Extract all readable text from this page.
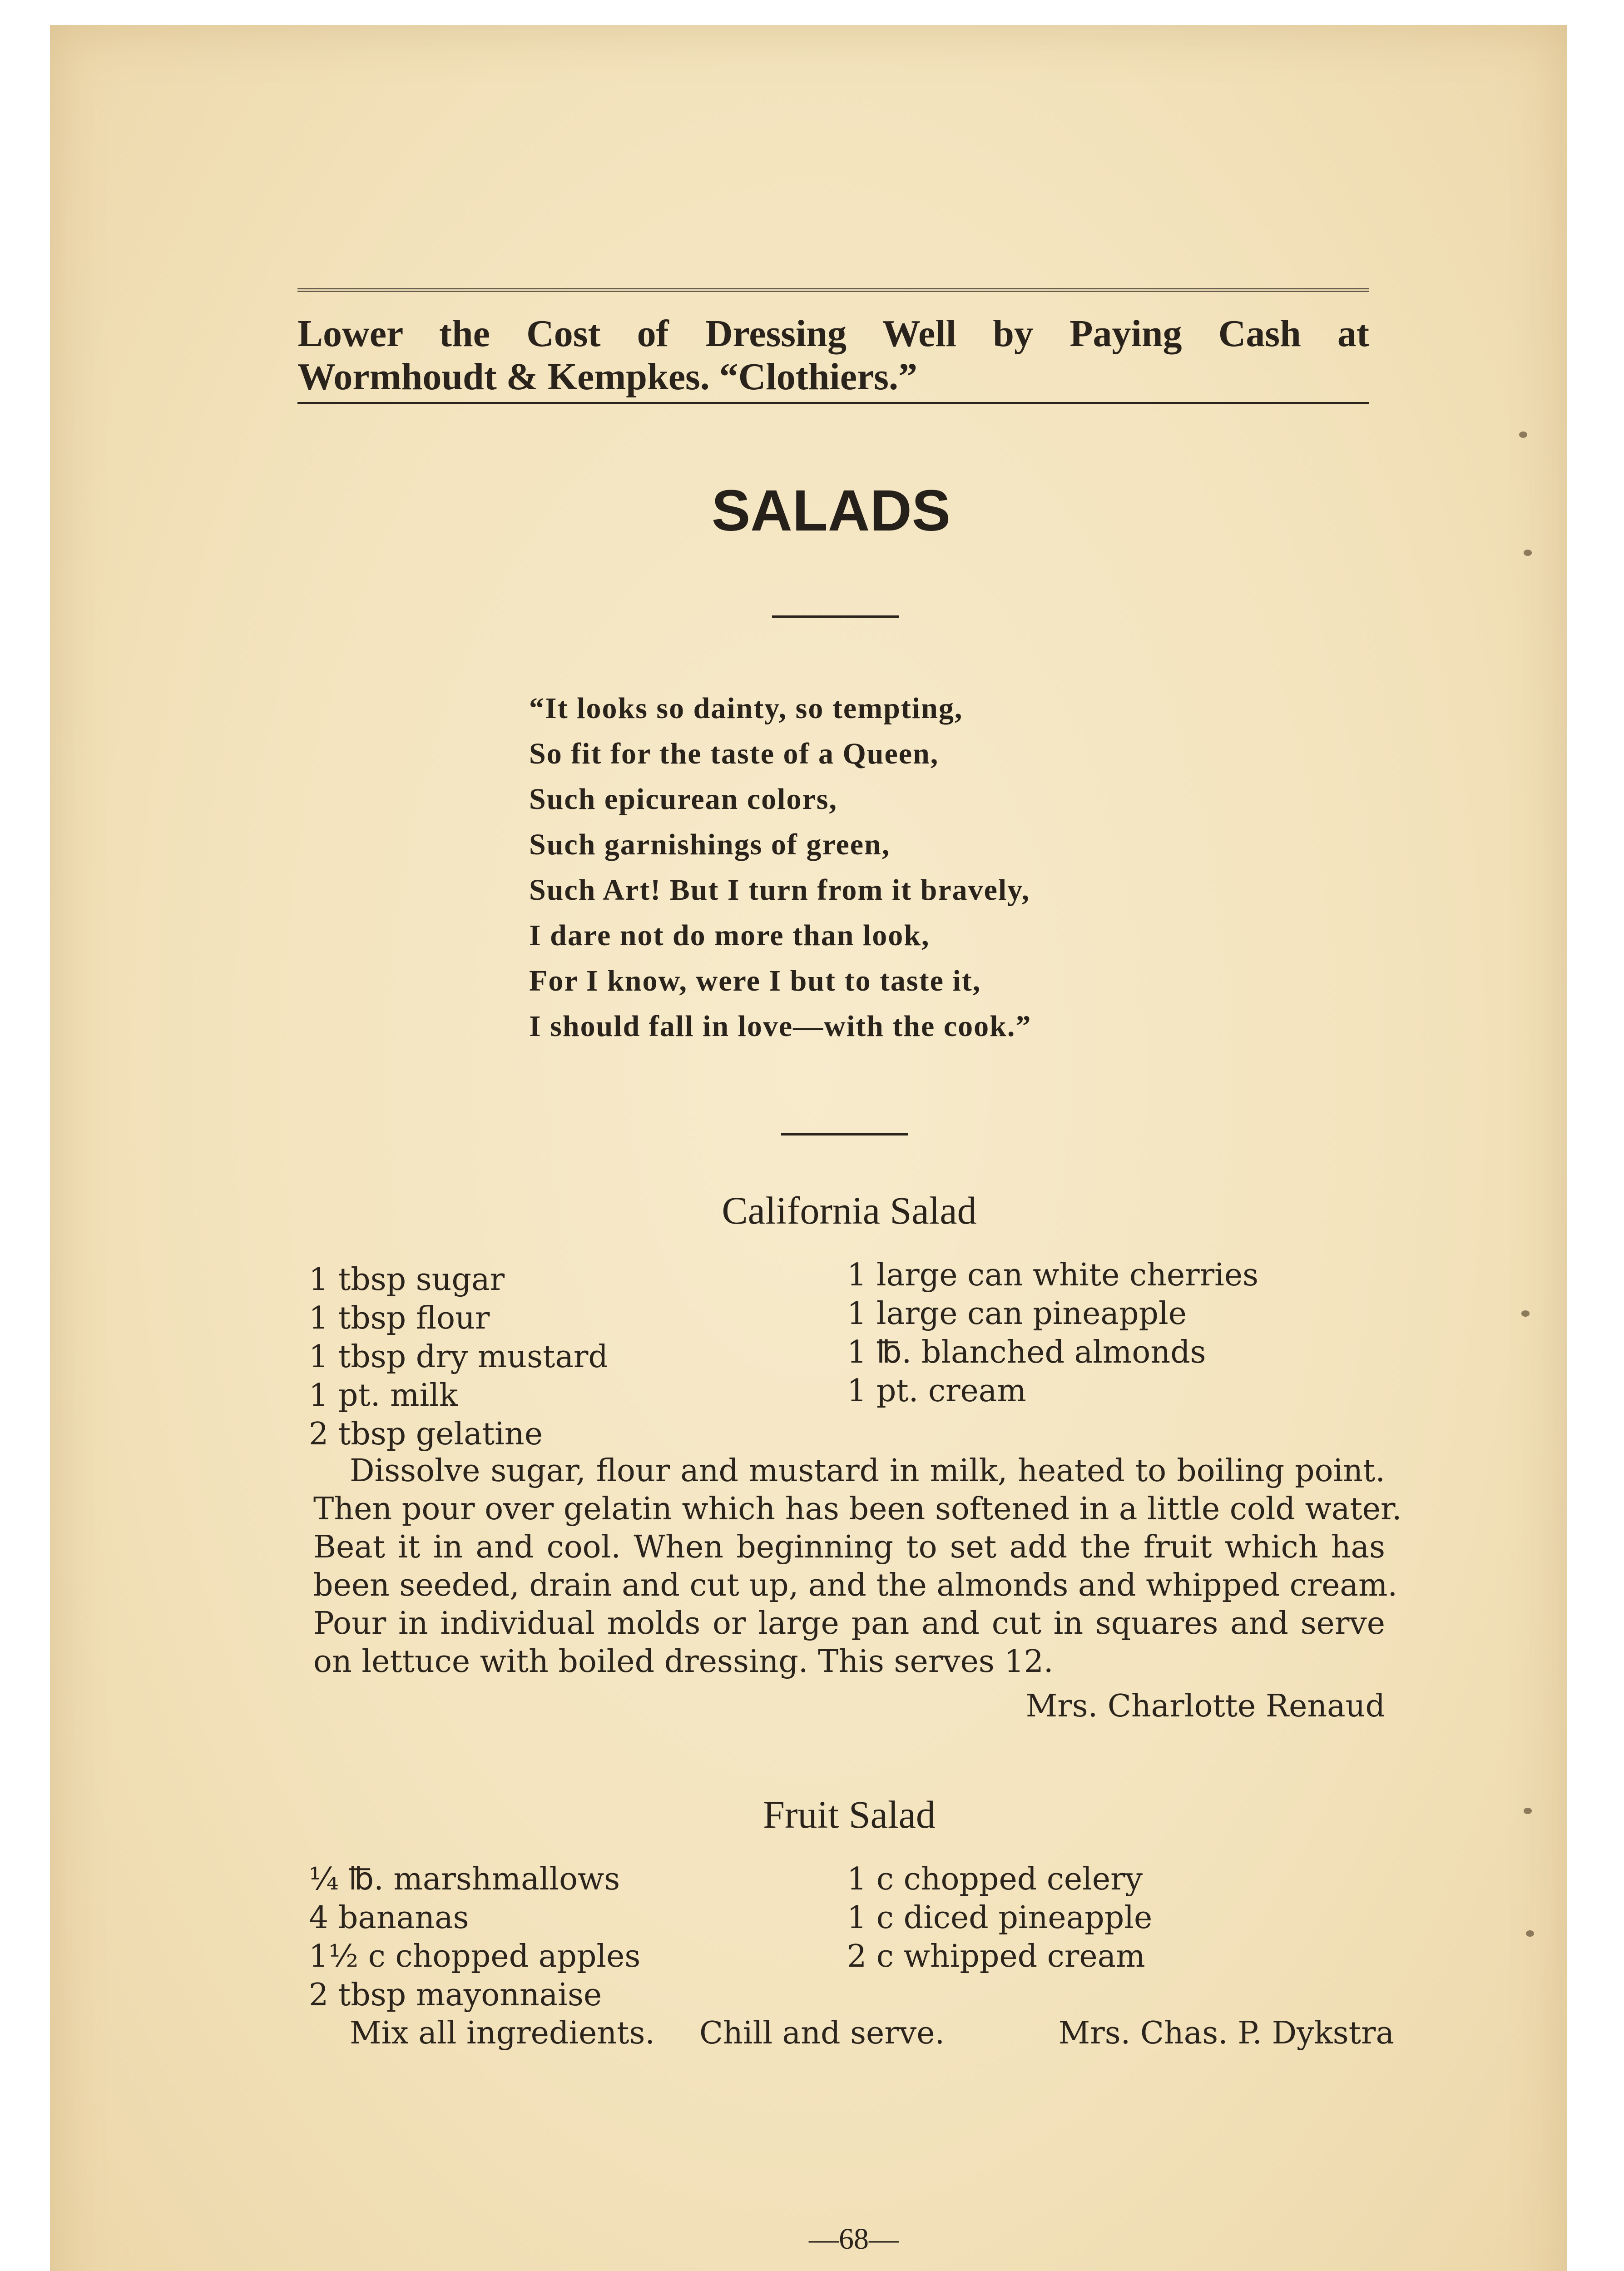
Lower the Cost of Dressing Well by Paying Cash at
Wormhoudt & Kempkes. “Clothiers.”
SALADS
“It looks so dainty, so tempting,
So fit for the taste of a Queen,
Such epicurean colors,
Such garnishings of green,
Such Art! But I turn from it bravely,
I dare not do more than look,
For I know, were I but to taste it,
I should fall in love—with the cook.”
California Salad
1 tbsp sugar
1 tbsp flour
1 tbsp dry mustard
1 pt. milk
2 tbsp gelatine
1 large can white cherries
1 large can pineapple
1 ℔. blanched almonds
1 pt. cream
Dissolve sugar, flour and mustard in milk, heated to boiling point.
Then pour over gelatin which has been softened in a little cold water.
Beat it in and cool. When beginning to set add the fruit which has
been seeded, drain and cut up, and the almonds and whipped cream.
Pour in individual molds or large pan and cut in squares and serve
on lettuce with boiled dressing. This serves 12.
Mrs. Charlotte Renaud
Fruit Salad
¼ ℔. marshmallows
4 bananas
1½ c chopped apples
2 tbsp mayonnaise
1 c chopped celery
1 c diced pineapple
2 c whipped cream
Mix all ingredients.	Chill and serve.	Mrs. Chas. P. Dykstra
—68—
